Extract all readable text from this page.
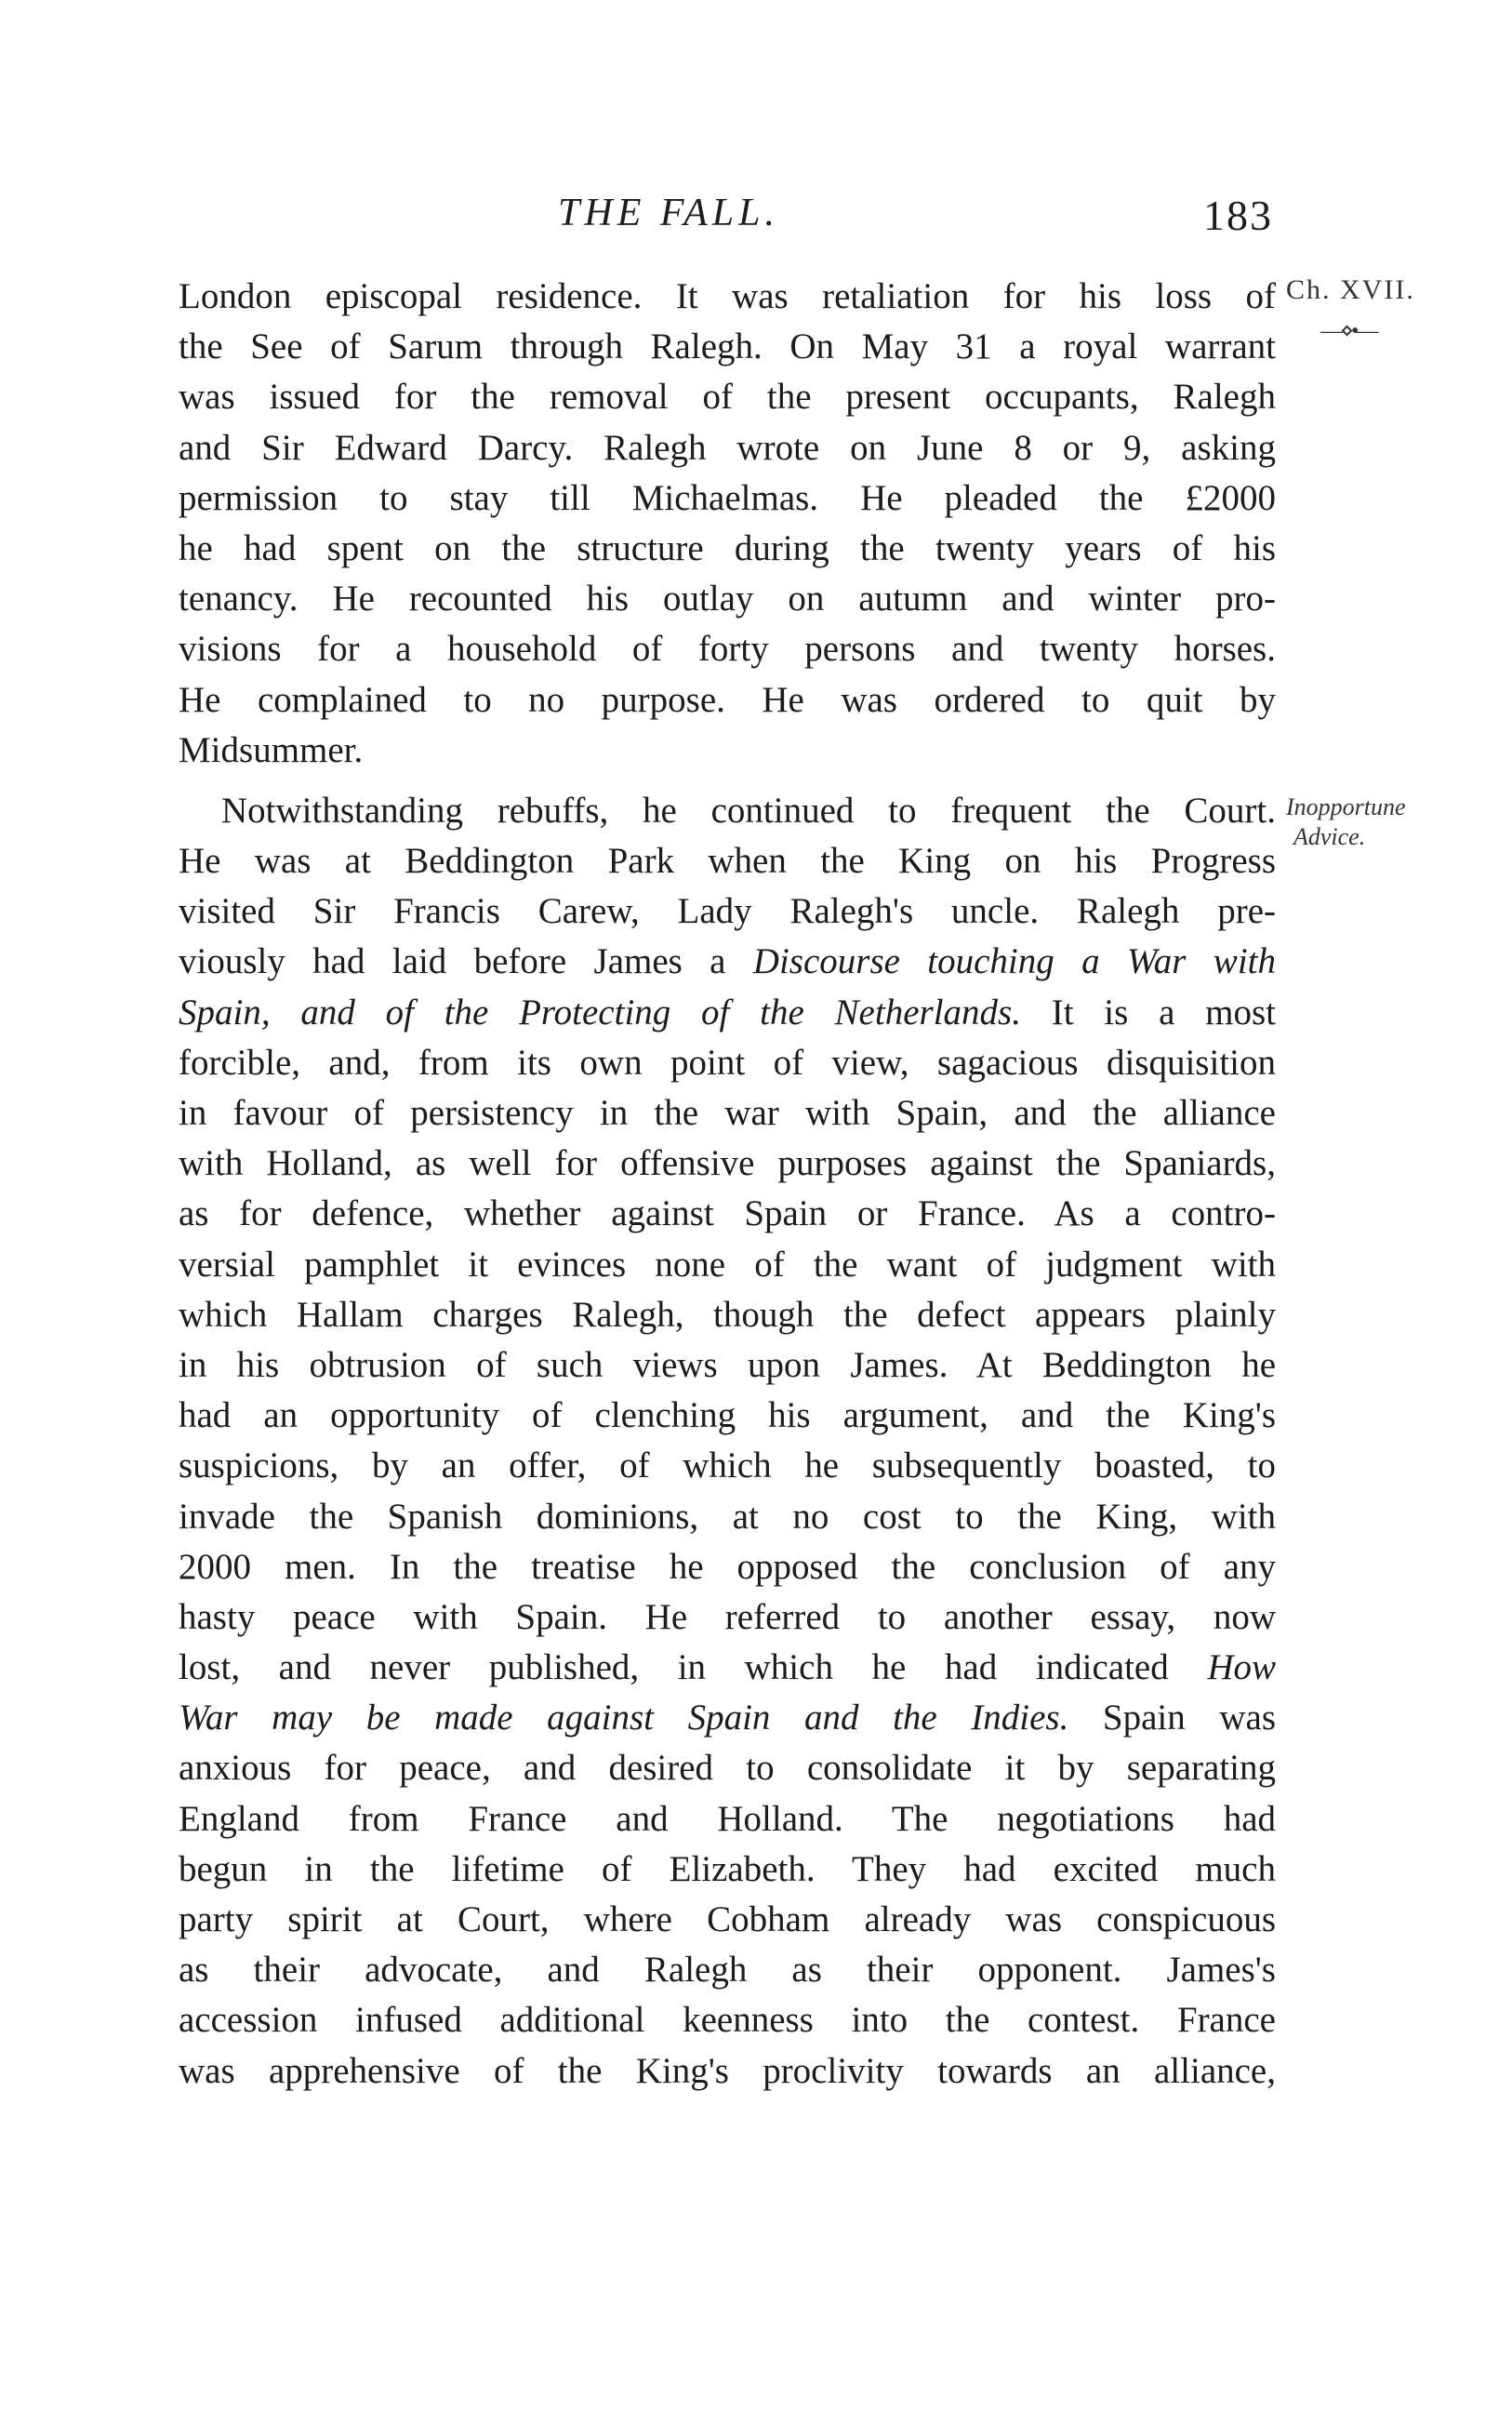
THE FALL.	183
Ch. XVII.
—⋄•—
Inopportune
Advice.
London episcopal residence. It was retaliation for his loss of
the See of Sarum through Ralegh. On May 31 a royal warrant
was issued for the removal of the present occupants, Ralegh
and Sir Edward Darcy. Ralegh wrote on June 8 or 9, asking
permission to stay till Michaelmas. He pleaded the £2000
he had spent on the structure during the twenty years of his
tenancy. He recounted his outlay on autumn and winter pro-
visions for a household of forty persons and twenty horses.
He complained to no purpose. He was ordered to quit by
Midsummer.
Notwithstanding rebuffs, he continued to frequent the Court.
He was at Beddington Park when the King on his Progress
visited Sir Francis Carew, Lady Ralegh's uncle. Ralegh pre-
viously had laid before James a Discourse touching a War with
Spain, and of the Protecting of the Netherlands. It is a most
forcible, and, from its own point of view, sagacious disquisition
in favour of persistency in the war with Spain, and the alliance
with Holland, as well for offensive purposes against the Spaniards,
as for defence, whether against Spain or France. As a contro-
versial pamphlet it evinces none of the want of judgment with
which Hallam charges Ralegh, though the defect appears plainly
in his obtrusion of such views upon James. At Beddington he
had an opportunity of clenching his argument, and the King's
suspicions, by an offer, of which he subsequently boasted, to
invade the Spanish dominions, at no cost to the King, with
2000 men. In the treatise he opposed the conclusion of any
hasty peace with Spain. He referred to another essay, now
lost, and never published, in which he had indicated How
War may be made against Spain and the Indies. Spain was
anxious for peace, and desired to consolidate it by separating
England from France and Holland. The negotiations had
begun in the lifetime of Elizabeth. They had excited much
party spirit at Court, where Cobham already was conspicuous
as their advocate, and Ralegh as their opponent. James's
accession infused additional keenness into the contest. France
was apprehensive of the King's proclivity towards an alliance,
